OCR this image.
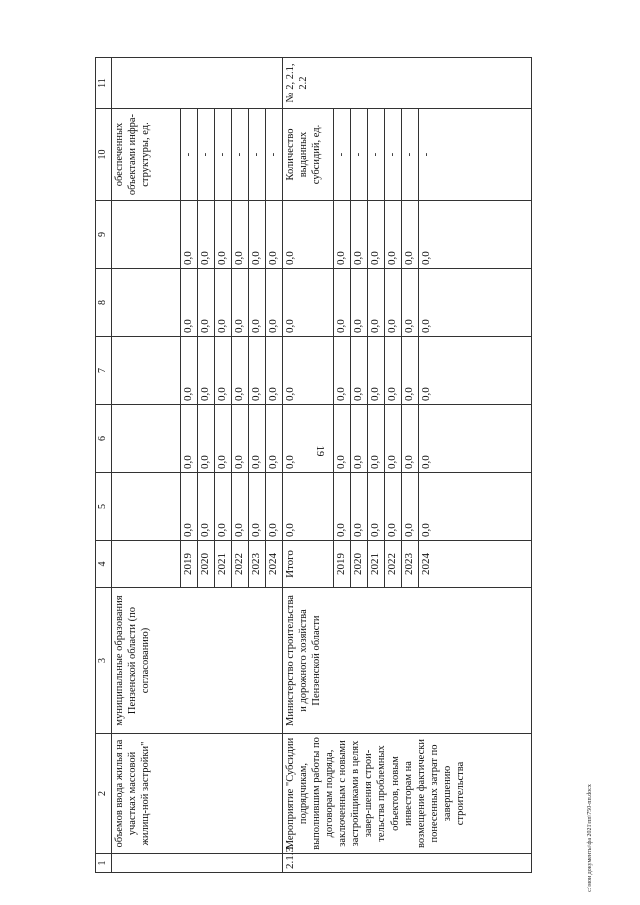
19
c:\мои документы\фа 2021\пп\750-пп.docx
1	2	3	4	5	6	7	8	9	10	11
	объемов ввода жилья на участках массовой жилищ-ной застройки"	муниципальные образования Пензенской области (по согласованию)							обеспеченных объектами инфра-структуры, ед.	
			2019	0,0	0,0	0,0	0,0	0,0	-	
			2020	0,0	0,0	0,0	0,0	0,0	-	
			2021	0,0	0,0	0,0	0,0	0,0	-	
			2022	0,0	0,0	0,0	0,0	0,0	-	
			2023	0,0	0,0	0,0	0,0	0,0	-	
			2024	0,0	0,0	0,0	0,0	0,0	-	
2.1.3.	Мероприятие "Субсидии подрядчикам, выполнившим работы по договорам подряда, заключенным с новыми застройщиками в целях завер-шения строи-тельства проблемных объектов, новым инвесторам на возмещение фактически понесенных затрат по завершению строительства	Министерство строительства и дорожного хозяйства Пензенской области	Итого	0,0	0,0	0,0	0,0	0,0	Количество выданных субсидий, ед.	№ 2, 2.1, 2.2
			2019	0,0	0,0	0,0	0,0	0,0	-	
			2020	0,0	0,0	0,0	0,0	0,0	-	
			2021	0,0	0,0	0,0	0,0	0,0	-	
			2022	0,0	0,0	0,0	0,0	0,0	-	
			2023	0,0	0,0	0,0	0,0	0,0	-	
			2024	0,0	0,0	0,0	0,0	0,0	-	
